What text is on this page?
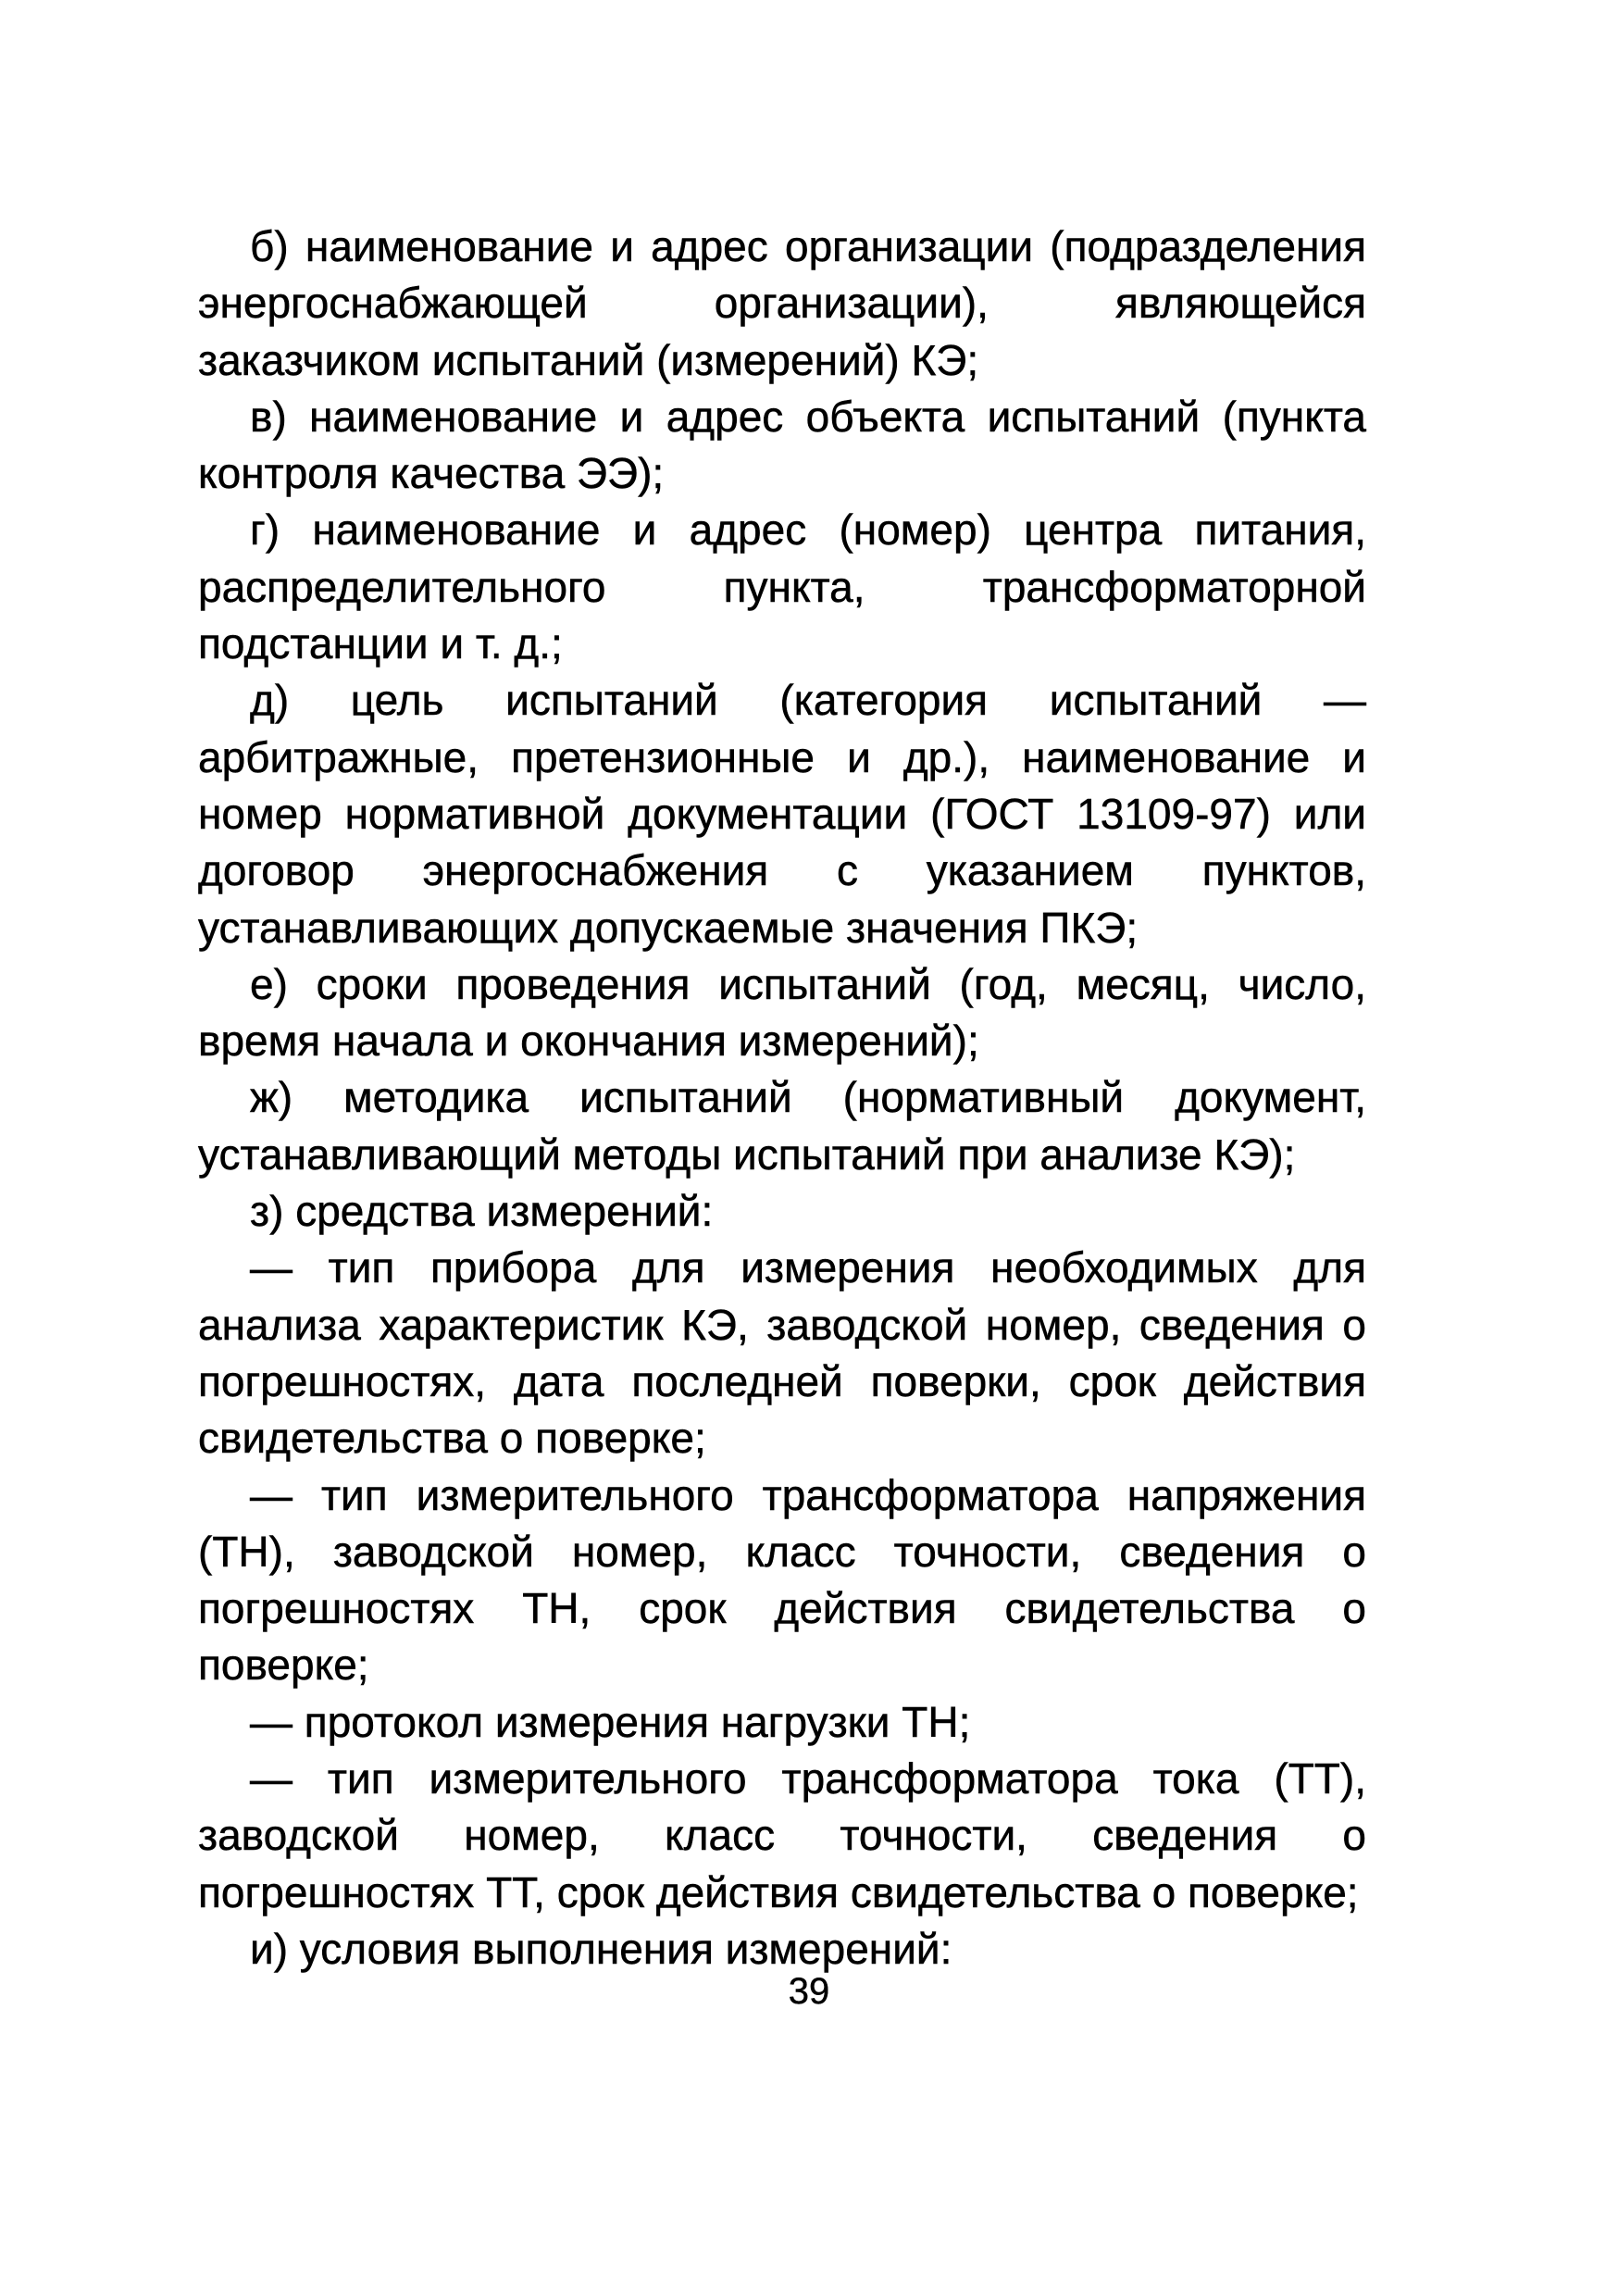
б) наименование и адрес организации (подразделения энергоснабжающей организации), являющейся заказчиком испытаний (измерений) КЭ;

в) наименование и адрес объекта испытаний (пункта контроля качества ЭЭ);

г) наименование и адрес (номер) центра питания, распределительного пункта, трансформаторной подстанции и т. д.;

д) цель испытаний (категория испытаний — арбитражные, претензионные и др.), наименование и номер нормативной документации (ГОСТ 13109-97) или договор энергоснабжения с указанием пунктов, устанавливающих допускаемые значения ПКЭ;

е) сроки проведения испытаний (год, месяц, число, время начала и окончания измерений);

ж) методика испытаний (нормативный документ, устанавливающий методы испытаний при анализе КЭ);

з) средства измерений:

— тип прибора для измерения необходимых для анализа характеристик КЭ, заводской номер, сведения о погрешностях, дата последней поверки, срок действия свидетельства о поверке;

— тип измерительного трансформатора напряжения (ТН), заводской номер, класс точности, сведения о погрешностях ТН, срок действия свидетельства о поверке;

— протокол измерения нагрузки ТН;

— тип измерительного трансформатора тока (ТТ), заводской номер, класс точности, сведения о погрешностях ТТ, срок действия свидетельства о поверке;

и) условия выполнения измерений:

39
